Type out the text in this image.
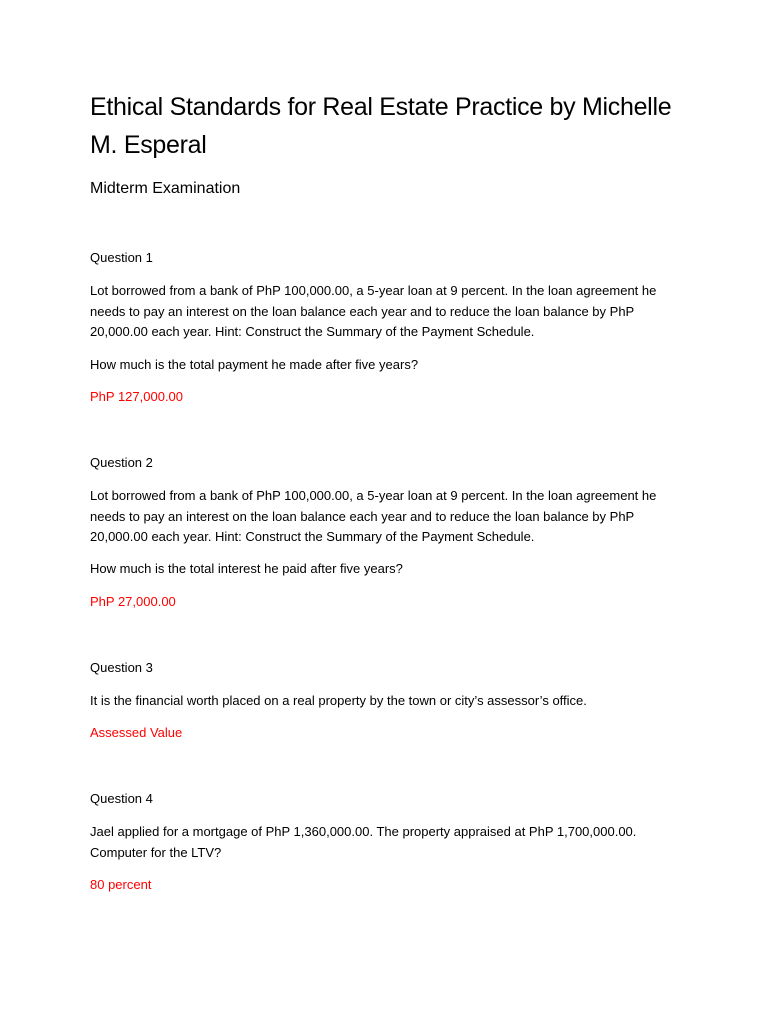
Ethical Standards for Real Estate Practice by Michelle M. Esperal
Midterm Examination

Question 1

Lot borrowed from a bank of PhP 100,000.00, a 5-year loan at 9 percent. In the loan agreement he needs to pay an interest on the loan balance each year and to reduce the loan balance by PhP 20,000.00 each year. Hint: Construct the Summary of the Payment Schedule.

How much is the total payment he made after five years?

PhP 127,000.00

Question 2

Lot borrowed from a bank of PhP 100,000.00, a 5-year loan at 9 percent. In the loan agreement he needs to pay an interest on the loan balance each year and to reduce the loan balance by PhP 20,000.00 each year. Hint: Construct the Summary of the Payment Schedule.

How much is the total interest he paid after five years?

PhP 27,000.00

Question 3

It is the financial worth placed on a real property by the town or city’s assessor’s office.

Assessed Value

Question 4

Jael applied for a mortgage of PhP 1,360,000.00. The property appraised at PhP 1,700,000.00. Computer for the LTV?

80 percent
